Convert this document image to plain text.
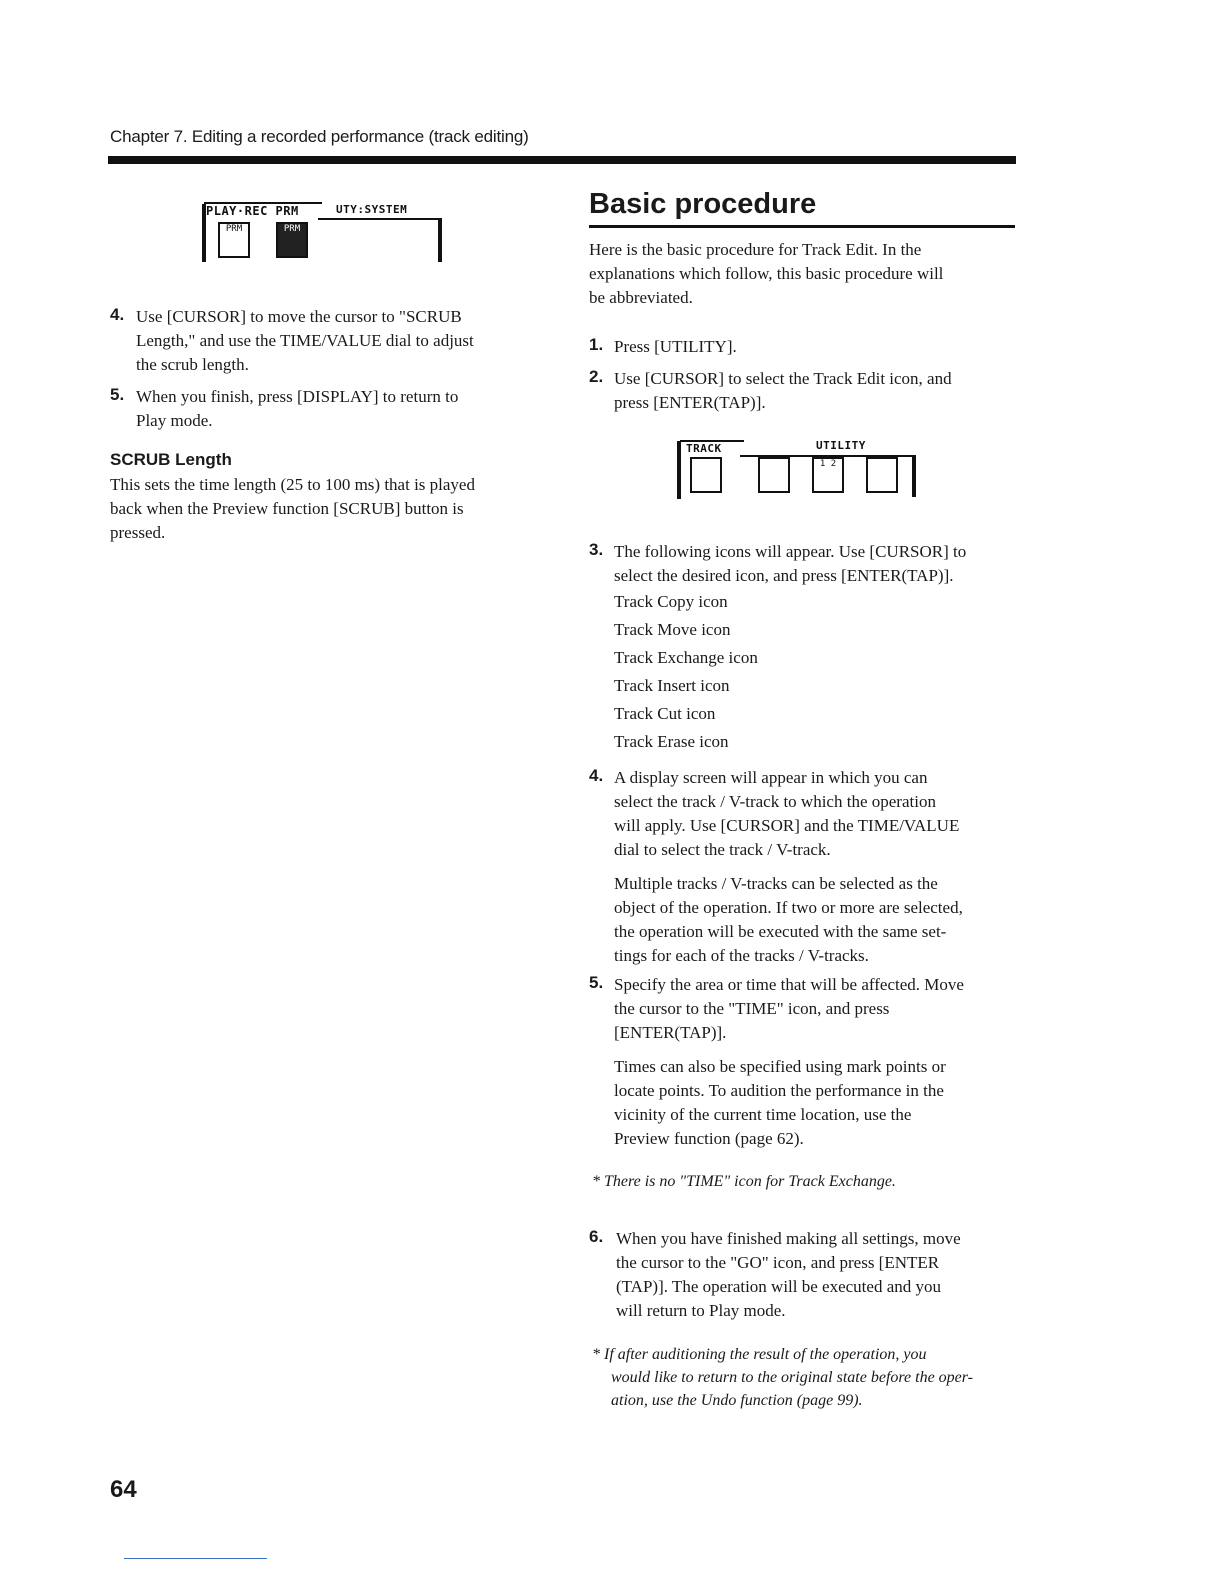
Chapter 7. Editing a recorded performance (track editing)
PLAY·REC PRM	UTY:SYSTEM
PRM	PRM
4. Use [CURSOR] to move the cursor to "SCRUB
Length," and use the TIME/VALUE dial to adjust
the scrub length.
5. When you finish, press [DISPLAY] to return to
Play mode.
SCRUB Length
This sets the time length (25 to 100 ms) that is played
back when the Preview function [SCRUB] button is
pressed.
Basic procedure
Here is the basic procedure for Track Edit. In the
explanations which follow, this basic procedure will
be abbreviated.
1. Press [UTILITY].
2. Use [CURSOR] to select the Track Edit icon, and
press [ENTER(TAP)].
TRACK	UTILITY
1 2
3. The following icons will appear. Use [CURSOR] to
select the desired icon, and press [ENTER(TAP)].
Track Copy icon
Track Move icon
Track Exchange icon
Track Insert icon
Track Cut icon
Track Erase icon
4. A display screen will appear in which you can
select the track / V-track to which the operation
will apply. Use [CURSOR] and the TIME/VALUE
dial to select the track / V-track.
Multiple tracks / V-tracks can be selected as the
object of the operation. If two or more are selected,
the operation will be executed with the same set-
tings for each of the tracks / V-tracks.
5. Specify the area or time that will be affected. Move
the cursor to the "TIME" icon, and press
[ENTER(TAP)].
Times can also be specified using mark points or
locate points. To audition the performance in the
vicinity of the current time location, use the
Preview function (page 62).
* There is no "TIME" icon for Track Exchange.
6. When you have finished making all settings, move
the cursor to the "GO" icon, and press [ENTER
(TAP)]. The operation will be executed and you
will return to Play mode.
* If after auditioning the result of the operation, you
would like to return to the original state before the oper-
ation, use the Undo function (page 99).
64
